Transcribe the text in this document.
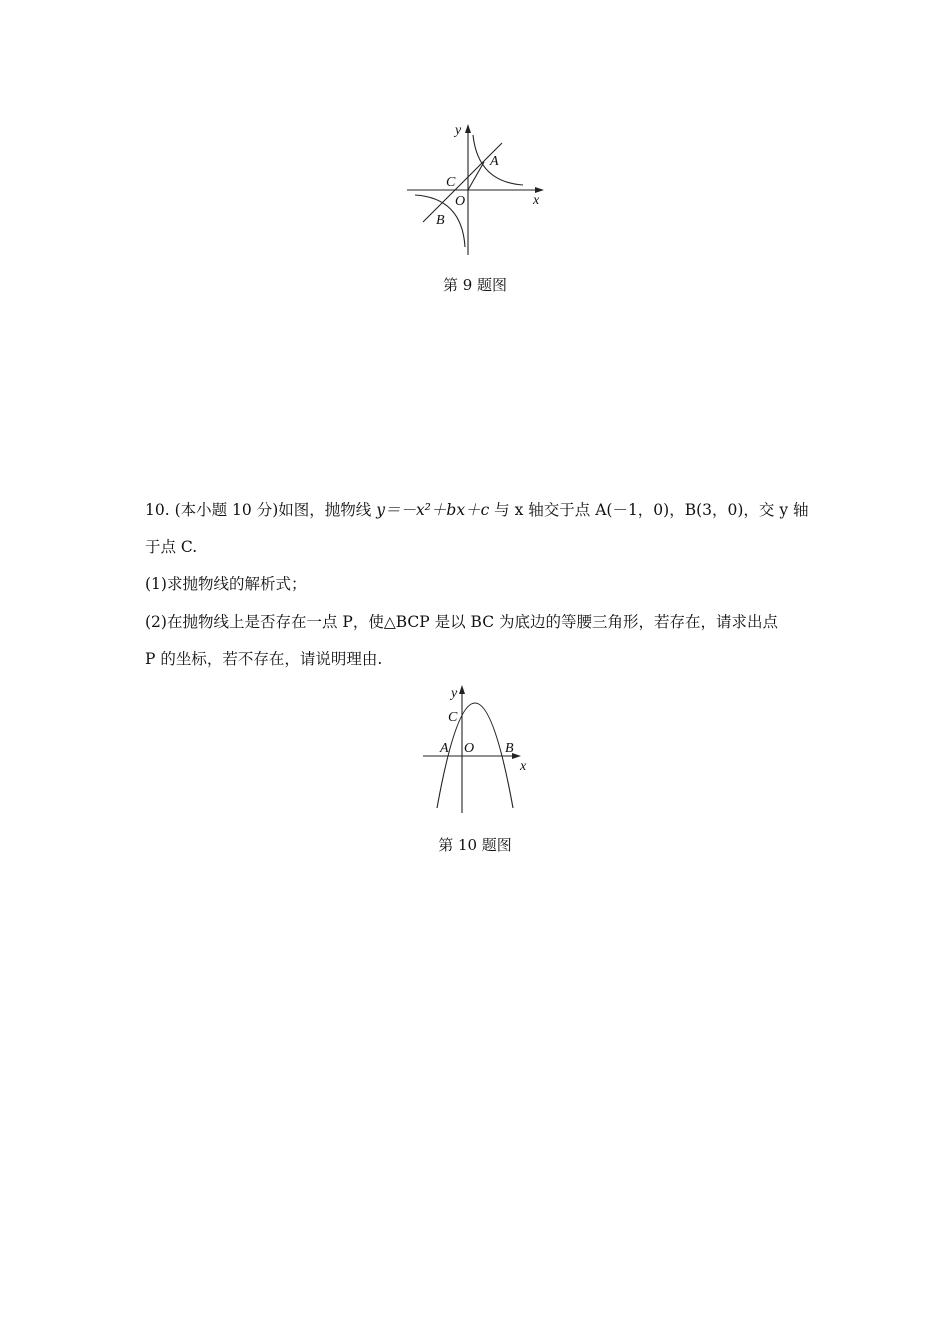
y
A
C
O
B
x
y
C
A O B
x
第 9 题图
10. (本小题 10 分)如图，抛物线 y＝－x²＋bx＋c 与 x 轴交于点 A(－1，0)，B(3，0)，交 y 轴
于点 C.
(1)求抛物线的解析式；
(2)在抛物线上是否存在一点 P，使△BCP 是以 BC 为底边的等腰三角形，若存在，请求出点
P 的坐标，若不存在，请说明理由.
第 10 题图
